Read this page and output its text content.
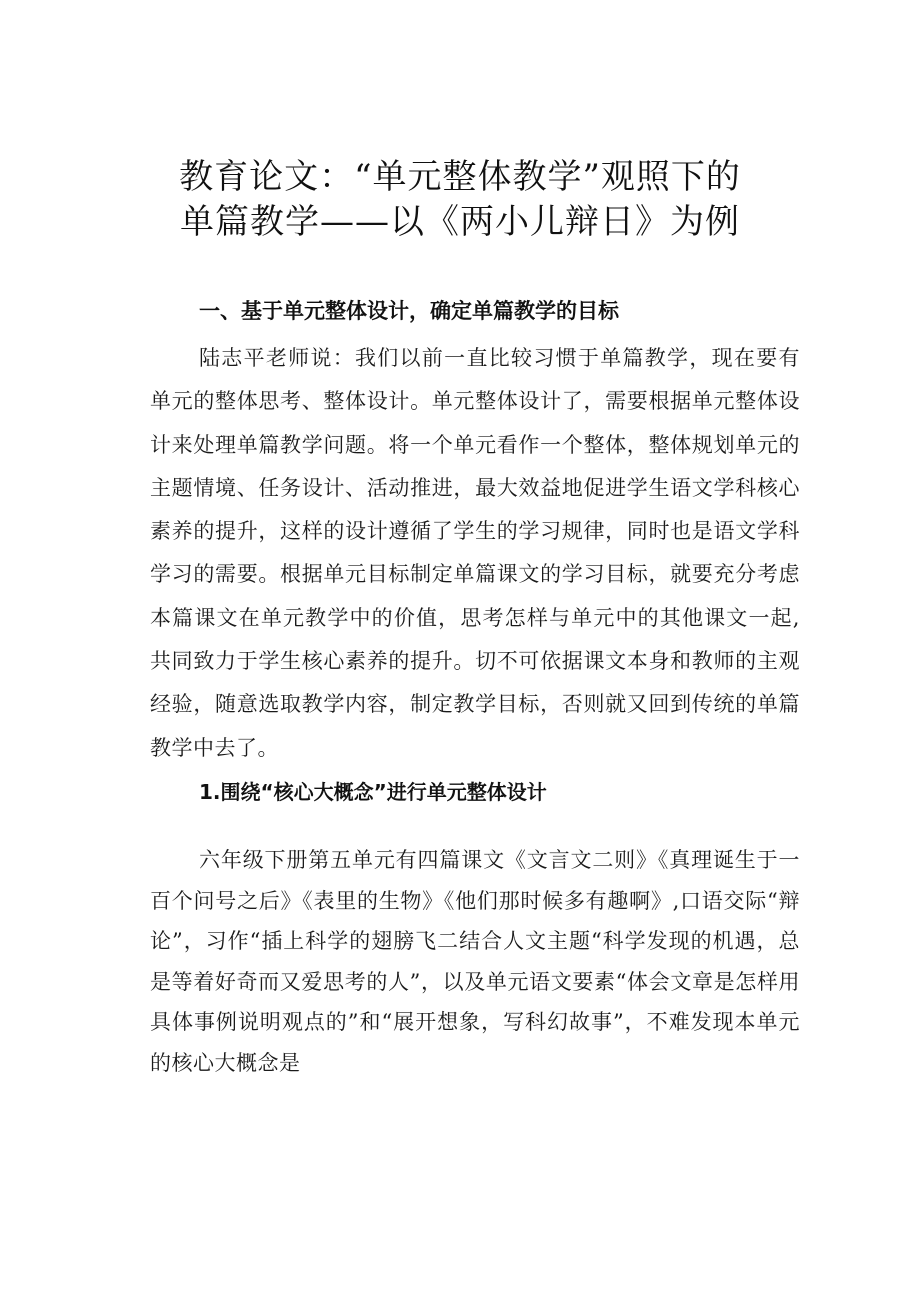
教育论文：“单元整体教学”观照下的
单篇教学——以《两小儿辩日》为例
一、基于单元整体设计，确定单篇教学的目标
陆志平老师说：我们以前一直比较习惯于单篇教学，现在要有单元的整体思考、整体设计。单元整体设计了，需要根据单元整体设计来处理单篇教学问题。将一个单元看作一个整体，整体规划单元的主题情境、任务设计、活动推进，最大效益地促进学生语文学科核心素养的提升，这样的设计遵循了学生的学习规律，同时也是语文学科学习的需要。根据单元目标制定单篇课文的学习目标，就要充分考虑本篇课文在单元教学中的价值，思考怎样与单元中的其他课文一起,共同致力于学生核心素养的提升。切不可依据课文本身和教师的主观经验，随意选取教学内容，制定教学目标，否则就又回到传统的单篇教学中去了。
1.围绕“核心大概念”进行单元整体设计
六年级下册第五单元有四篇课文《文言文二则》《真理诞生于一百个问号之后》《表里的生物》《他们那时候多有趣啊》,口语交际“辩论”，习作“插上科学的翅膀飞二结合人文主题“科学发现的机遇，总是等着好奇而又爱思考的人”，以及单元语文要素“体会文章是怎样用具体事例说明观点的”和“展开想象，写科幻故事”，不难发现本单元的核心大概念是
